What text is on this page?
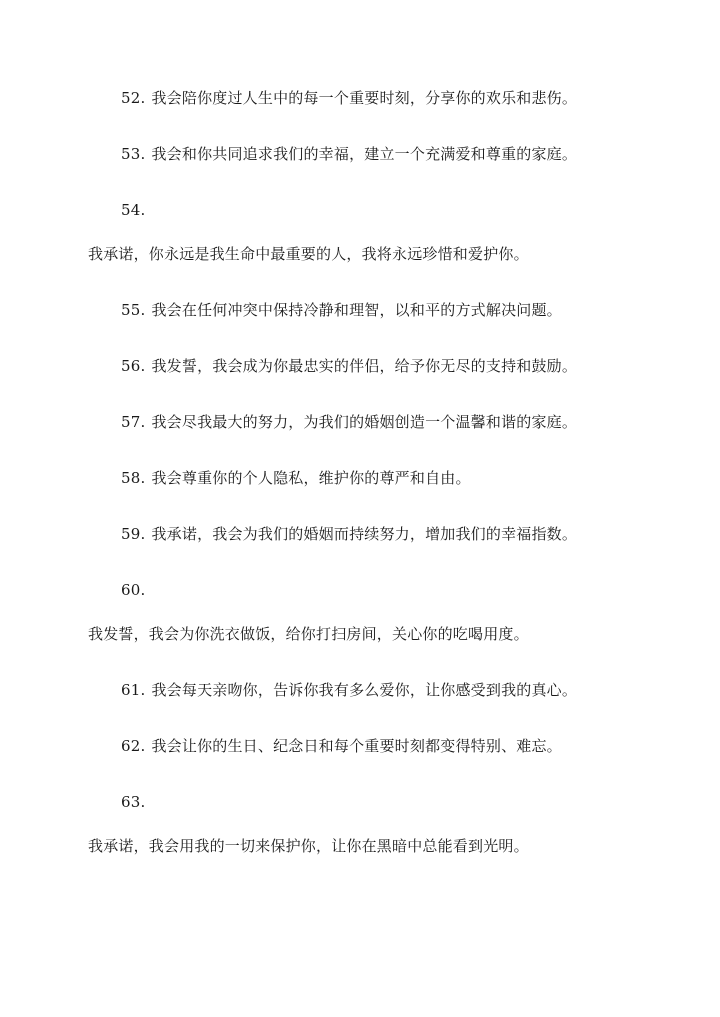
52. 我会陪你度过人生中的每一个重要时刻，分享你的欢乐和悲伤。
53. 我会和你共同追求我们的幸福，建立一个充满爱和尊重的家庭。
54.
我承诺，你永远是我生命中最重要的人，我将永远珍惜和爱护你。
55. 我会在任何冲突中保持冷静和理智，以和平的方式解决问题。
56. 我发誓，我会成为你最忠实的伴侣，给予你无尽的支持和鼓励。
57. 我会尽我最大的努力，为我们的婚姻创造一个温馨和谐的家庭。
58. 我会尊重你的个人隐私，维护你的尊严和自由。
59. 我承诺，我会为我们的婚姻而持续努力，增加我们的幸福指数。
60.
我发誓，我会为你洗衣做饭，给你打扫房间，关心你的吃喝用度。
61. 我会每天亲吻你，告诉你我有多么爱你，让你感受到我的真心。
62. 我会让你的生日、纪念日和每个重要时刻都变得特别、难忘。
63.
我承诺，我会用我的一切来保护你，让你在黑暗中总能看到光明。
